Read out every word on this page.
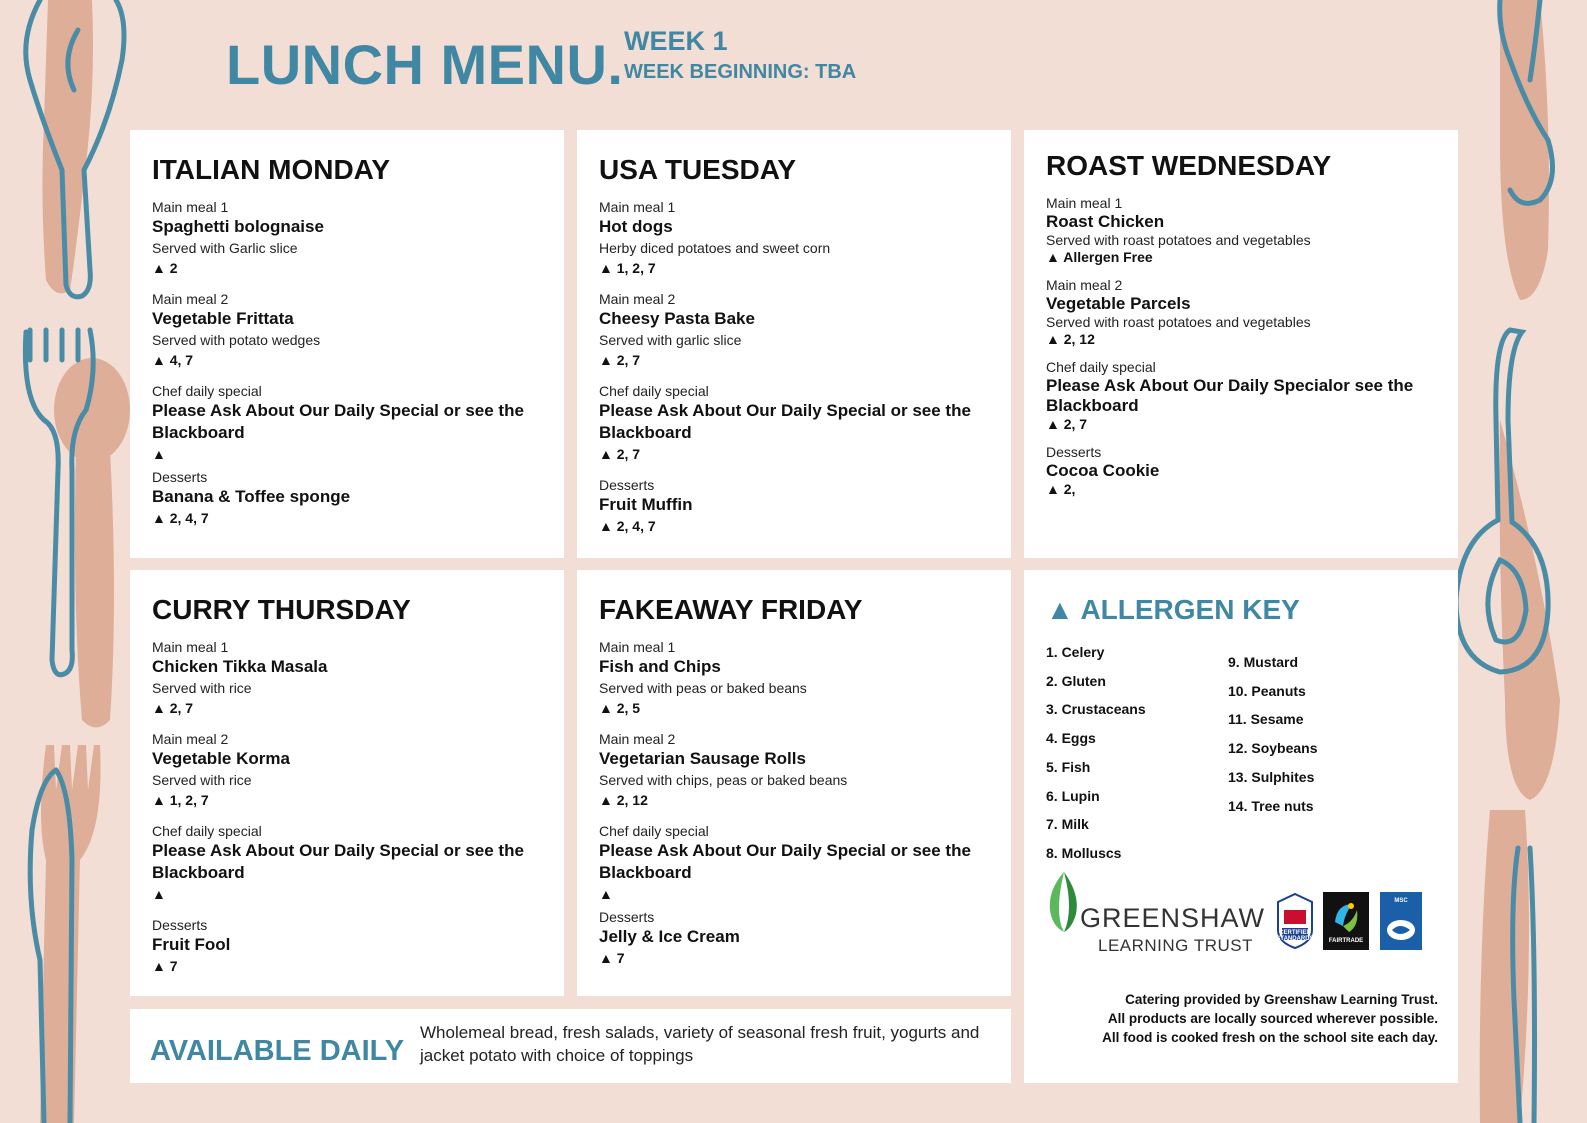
LUNCH MENU. WEEK 1
WEEK BEGINNING: TBA
ITALIAN MONDAY
Main meal 1
Spaghetti bolognaise
Served with Garlic slice
▲ 2
Main meal 2
Vegetable Frittata
Served with potato wedges
▲ 4, 7
Chef daily special
Please Ask About Our Daily Special or see the Blackboard
▲
Desserts
Banana & Toffee sponge
▲ 2, 4, 7
USA TUESDAY
Main meal 1
Hot dogs
Herby diced potatoes and sweet corn
▲ 1, 2, 7
Main meal 2
Cheesy Pasta Bake
Served with garlic slice
▲ 2, 7
Chef daily special
Please Ask About Our Daily Special or see the Blackboard
▲ 2, 7
Desserts
Fruit Muffin
▲ 2, 4, 7
ROAST WEDNESDAY
Main meal 1
Roast Chicken
Served with roast potatoes and vegetables
▲ Allergen Free
Main meal 2
Vegetable Parcels
Served with roast potatoes and vegetables
▲ 2, 12
Chef daily special
Please Ask About Our Daily Specialor see the Blackboard
▲ 2, 7
Desserts
Cocoa Cookie
▲ 2,
CURRY THURSDAY
Main meal 1
Chicken Tikka Masala
Served with rice
▲ 2, 7
Main meal 2
Vegetable Korma
Served with rice
▲ 1, 2, 7
Chef daily special
Please Ask About Our Daily Special or see the Blackboard
▲
Desserts
Fruit Fool
▲ 7
FAKEAWAY FRIDAY
Main meal 1
Fish and Chips
Served with peas or baked beans
▲ 2, 5
Main meal 2
Vegetarian Sausage Rolls
Served with chips, peas or baked beans
▲ 2, 12
Chef daily special
Please Ask About Our Daily Special or see the Blackboard
▲
Desserts
Jelly & Ice Cream
▲ 7
▲ ALLERGEN KEY
1. Celery
2. Gluten
3. Crustaceans
4. Eggs
5. Fish
6. Lupin
7. Milk
8. Molluscs
9. Mustard
10. Peanuts
11. Sesame
12. Soybeans
13. Sulphites
14. Tree nuts
GREENSHAW
LEARNING TRUST
CERTIFIED STANDARDS	FAIRTRADE
MSC
Catering provided by Greenshaw Learning Trust.
All products are locally sourced wherever possible.
All food is cooked fresh on the school site each day.
AVAILABLE DAILY
Wholemeal bread, fresh salads, variety of seasonal fresh fruit, yogurts and jacket potato with choice of toppings
